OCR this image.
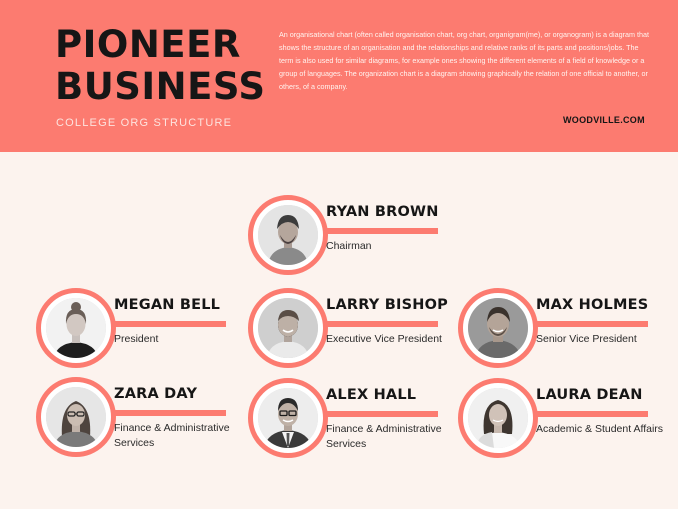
PIONEER
BUSINESS
COLLEGE ORG STRUCTURE
An organisational chart (often called organisation chart, org chart, organigram(me), or organogram) is a diagram that shows the structure of an organisation and the relationships and relative ranks of its parts and positions/jobs. The term is also used for similar diagrams, for example ones showing the different elements of a field of knowledge or a group of languages. The organization chart is a diagram showing graphically the relation of one official to another, or others, of a company.
WOODVILLE.COM
RYAN BROWN
Chairman
MEGAN BELL
President
LARRY BISHOP
Executive Vice President
MAX HOLMES
Senior Vice President
ZARA DAY
Finance & Administrative Services
ALEX HALL
Finance & Administrative Services
LAURA DEAN
Academic & Student Affairs
